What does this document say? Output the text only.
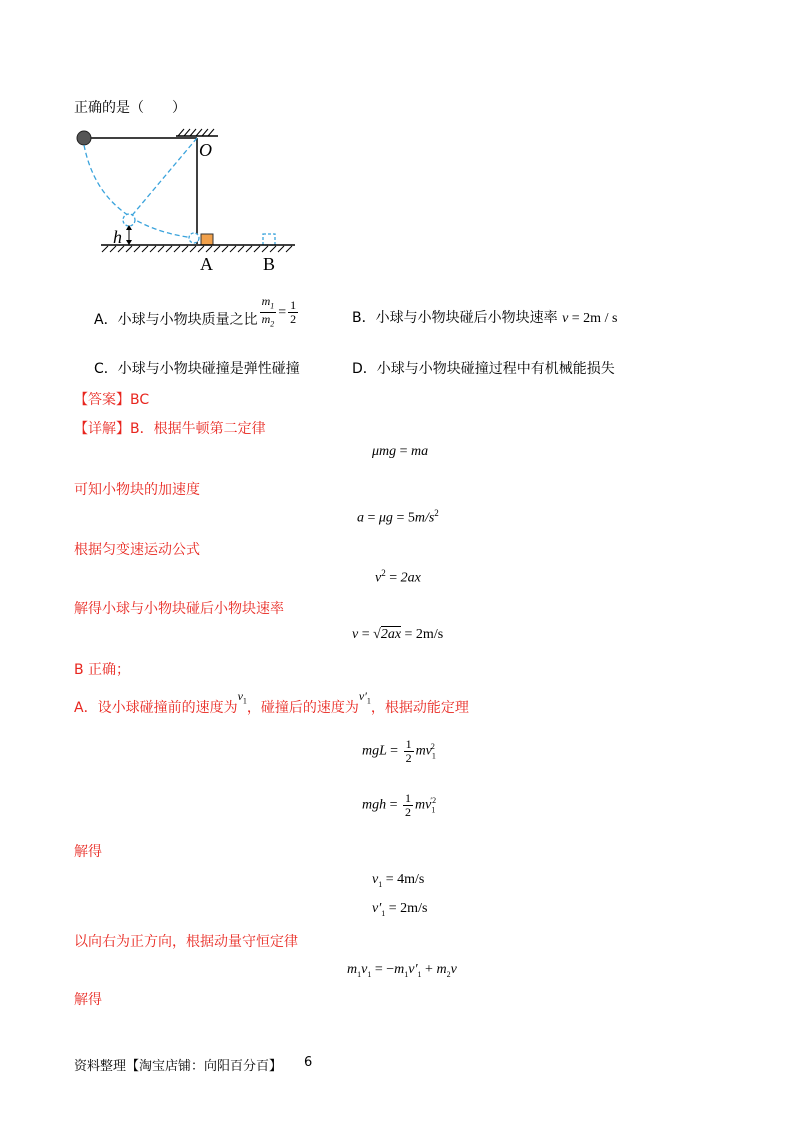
正确的是（　　）
O
h
A	B
A．小球与小物块质量之比 $\frac{m_1}{m_2} = \frac{1}{2}$	B．小球与小物块碰后小物块速率 v = 2m / s
C．小球与小物块碰撞是弹性碰撞	D．小球与小物块碰撞过程中有机械能损失
【答案】BC
【详解】B．根据牛顿第二定律
μmg = ma
可知小物块的加速度
$a = \mu g = 5m/s^2$
根据匀变速运动公式
$v^2 = 2ax$
解得小球与小物块碰后小物块速率
v = √2ax = 2m/s
B 正确；
A．设小球碰撞前的速度为$v_1$，碰撞后的速度为$v'_1$，根据动能定理
mgL = $\frac{1}{2} mv_1^2$
mgh = $\frac{1}{2} mv_1^{'2}$
解得
$v_1 = 4m/s$
$v'_1 = 2m/s$
以向右为正方向，根据动量守恒定律
$m_1v_1 = -m_1v'_1 + m_2v$
解得
资料整理【淘宝店铺：向阳百分百】 6
